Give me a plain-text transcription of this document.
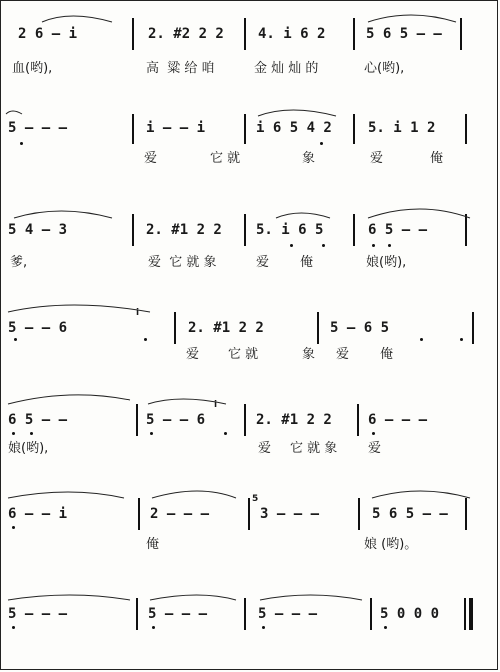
2 6 – i	2. #2 2 2 4. i 6 2	5 6 5 – –
血(哟),	高  粱 给 咱	金 灿 灿 的	心(哟),
5 – – –	i – – i	i 6 5 4 2	5. i 1 2
爱	它 就	象	爱	俺
5 4 – 3	2. #1 2 2 5. i 6 5	6 5 – –
爹,	爱  它 就 象	爱 俺	娘(哟),
5 – – 6	2. #1 2 2	5 – 6 5
i
爱 它 就	象 爱 俺
6 5 – –	5 – – 6	2. #1 2 2	6 – – –
i
娘(哟),	爱 它 就 象 爱
6 – – i	2 – – –	3 – – –	5 6 5 – –
5
俺	娘 (哟)。
5 – – –	5 – – –	5 – – –	5 0 0 0
